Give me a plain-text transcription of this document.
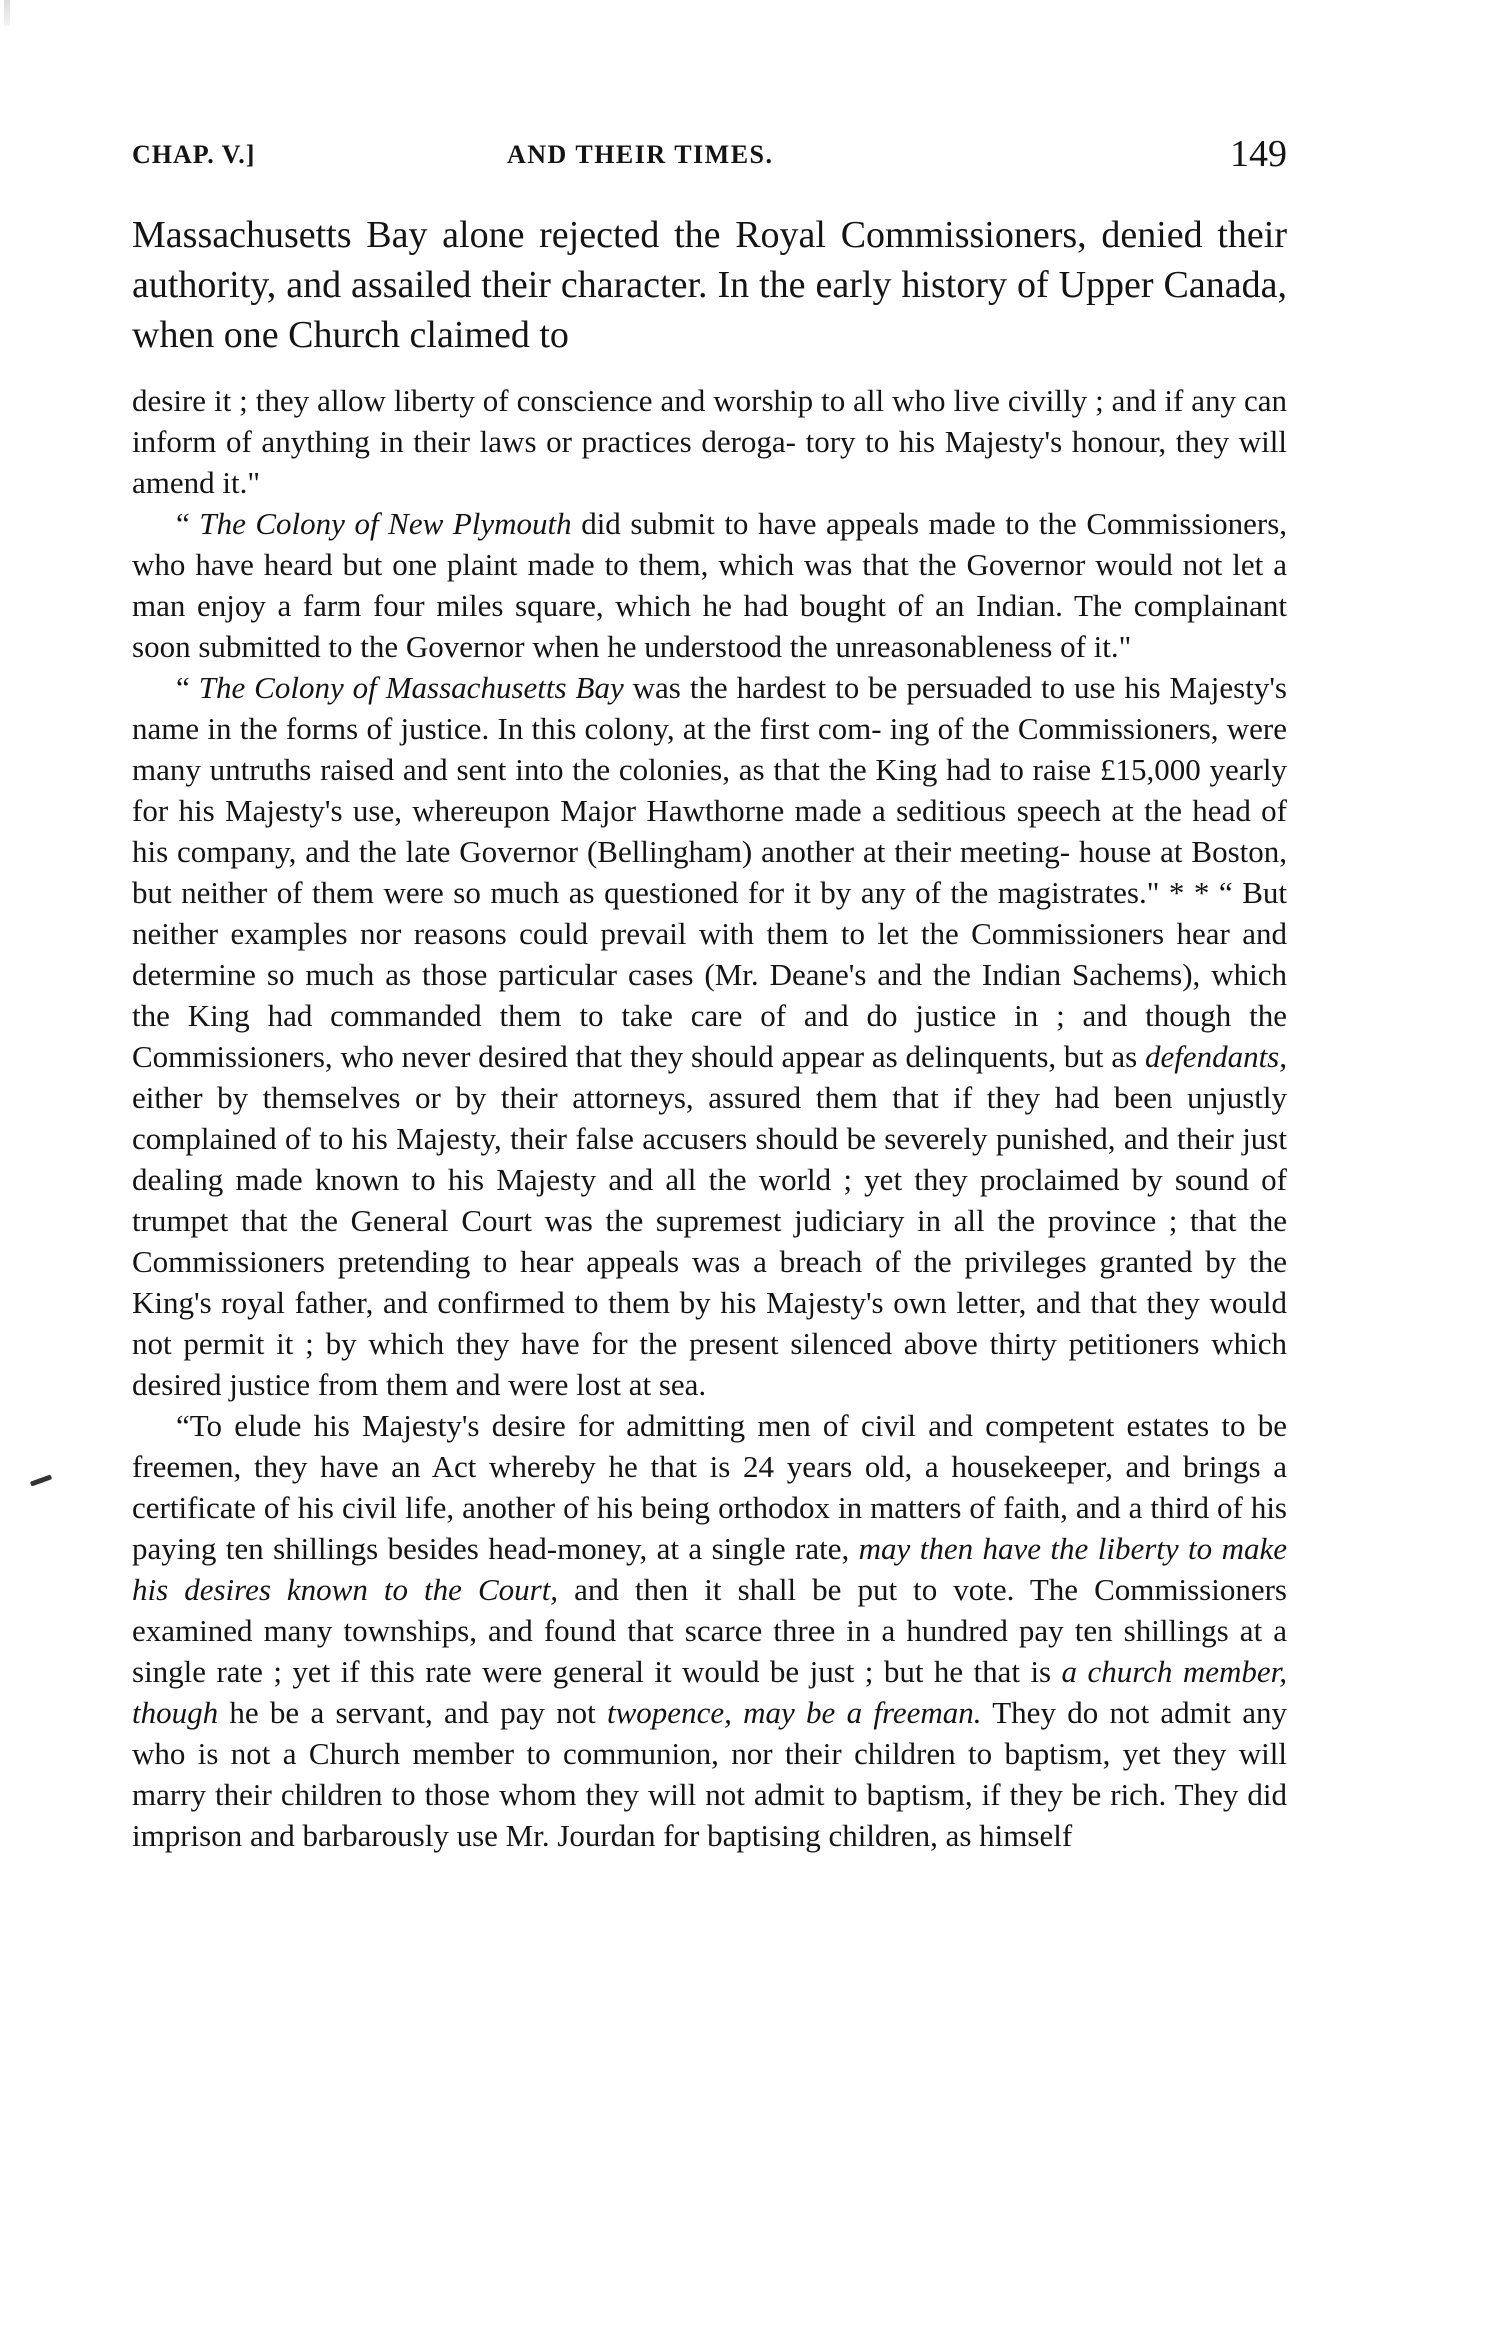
CHAP. V.]	AND THEIR TIMES.	149
Massachusetts Bay alone rejected the Royal Commissioners, denied their authority, and assailed their character. In the early history of Upper Canada, when one Church claimed to

desire it ; they allow liberty of conscience and worship to all who live civilly ; and if any can inform of anything in their laws or practices deroga- tory to his Majesty's honour, they will amend it."

“ The Colony of New Plymouth did submit to have appeals made to the Commissioners, who have heard but one plaint made to them, which was that the Governor would not let a man enjoy a farm four miles square, which he had bought of an Indian. The complainant soon submitted to the Governor when he understood the unreasonableness of it."

“ The Colony of Massachusetts Bay was the hardest to be persuaded to use his Majesty's name in the forms of justice. In this colony, at the first com- ing of the Commissioners, were many untruths raised and sent into the colonies, as that the King had to raise £15,000 yearly for his Majesty's use, whereupon Major Hawthorne made a seditious speech at the head of his company, and the late Governor (Bellingham) another at their meeting- house at Boston, but neither of them were so much as questioned for it by any of the magistrates." * * “ But neither examples nor reasons could prevail with them to let the Commissioners hear and determine so much as those particular cases (Mr. Deane's and the Indian Sachems), which the King had commanded them to take care of and do justice in ; and though the Commissioners, who never desired that they should appear as delinquents, but as defendants, either by themselves or by their attorneys, assured them that if they had been unjustly complained of to his Majesty, their false accusers should be severely punished, and their just dealing made known to his Majesty and all the world ; yet they proclaimed by sound of trumpet that the General Court was the supremest judiciary in all the province ; that the Commissioners pretending to hear appeals was a breach of the privileges granted by the King's royal father, and confirmed to them by his Majesty's own letter, and that they would not permit it ; by which they have for the present silenced above thirty petitioners which desired justice from them and were lost at sea.

“To elude his Majesty's desire for admitting men of civil and competent estates to be freemen, they have an Act whereby he that is 24 years old, a housekeeper, and brings a certificate of his civil life, another of his being orthodox in matters of faith, and a third of his paying ten shillings besides head-money, at a single rate, may then have the liberty to make his desires known to the Court, and then it shall be put to vote. The Commissioners examined many townships, and found that scarce three in a hundred pay ten shillings at a single rate ; yet if this rate were general it would be just ; but he that is a church member, though he be a servant, and pay not twopence, may be a freeman. They do not admit any who is not a Church member to communion, nor their children to baptism, yet they will marry their children to those whom they will not admit to baptism, if they be rich. They did imprison and barbarously use Mr. Jourdan for baptising children, as himself
